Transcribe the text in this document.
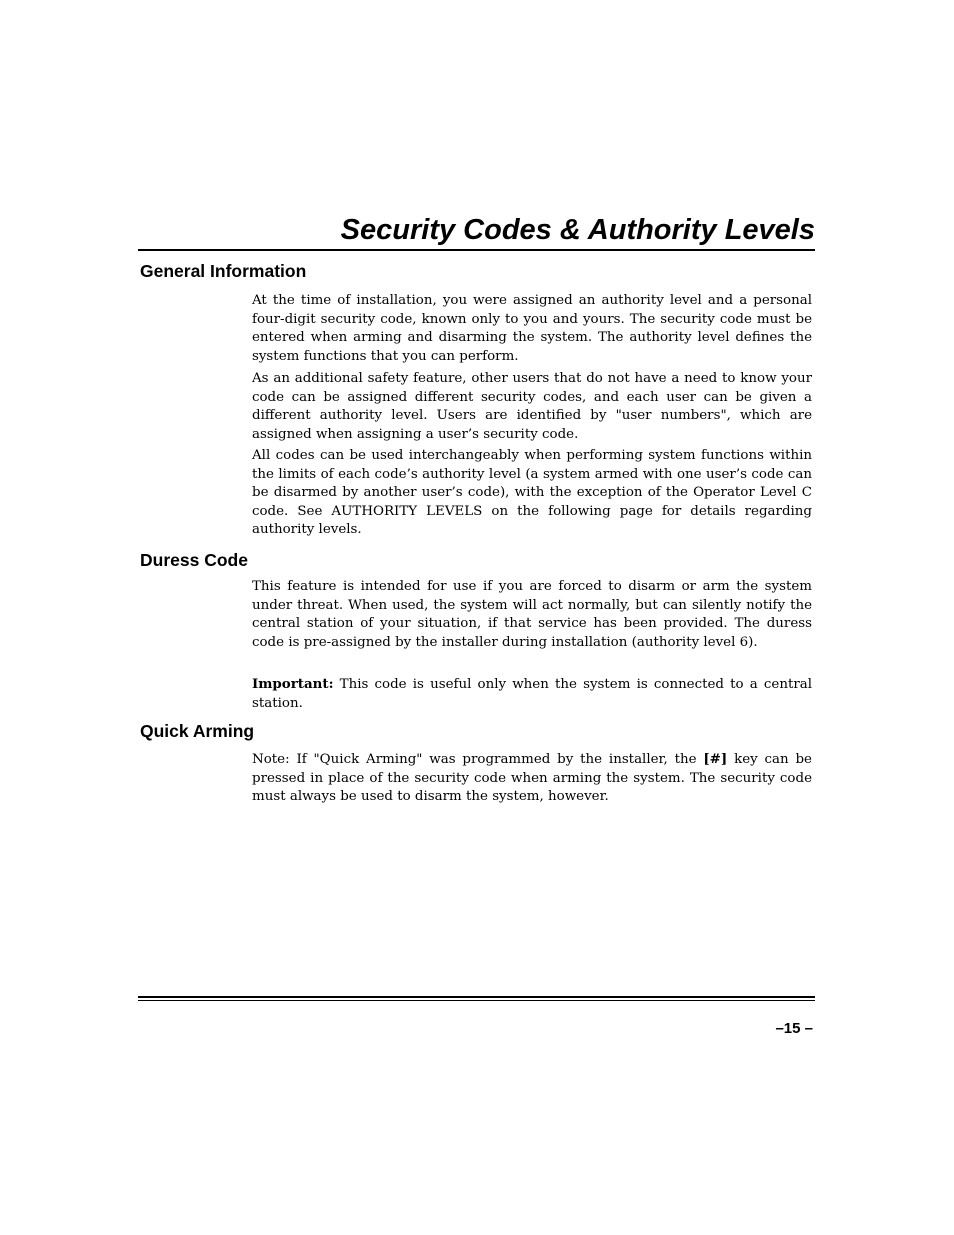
Security Codes & Authority Levels
General Information

At the time of installation, you were assigned an authority level and a personal four-digit security code, known only to you and yours. The security code must be entered when arming and disarming the system. The authority level defines the system functions that you can perform.

As an additional safety feature, other users that do not have a need to know your code can be assigned different security codes, and each user can be given a different authority level. Users are identified by "user numbers", which are assigned when assigning a user’s security code.

All codes can be used interchangeably when performing system functions within the limits of each code’s authority level (a system armed with one user’s code can be disarmed by another user’s code), with the exception of the Operator Level C code. See AUTHORITY LEVELS on the following page for details regarding authority levels.

Duress Code

This feature is intended for use if you are forced to disarm or arm the system under threat. When used, the system will act normally, but can silently notify the central station of your situation, if that service has been provided. The duress code is pre-assigned by the installer during installation (authority level 6).

Important: This code is useful only when the system is connected to a central station.

Quick Arming

Note: If "Quick Arming" was programmed by the installer, the [#] key can be pressed in place of the security code when arming the system. The security code must always be used to disarm the system, however.

–15 –
